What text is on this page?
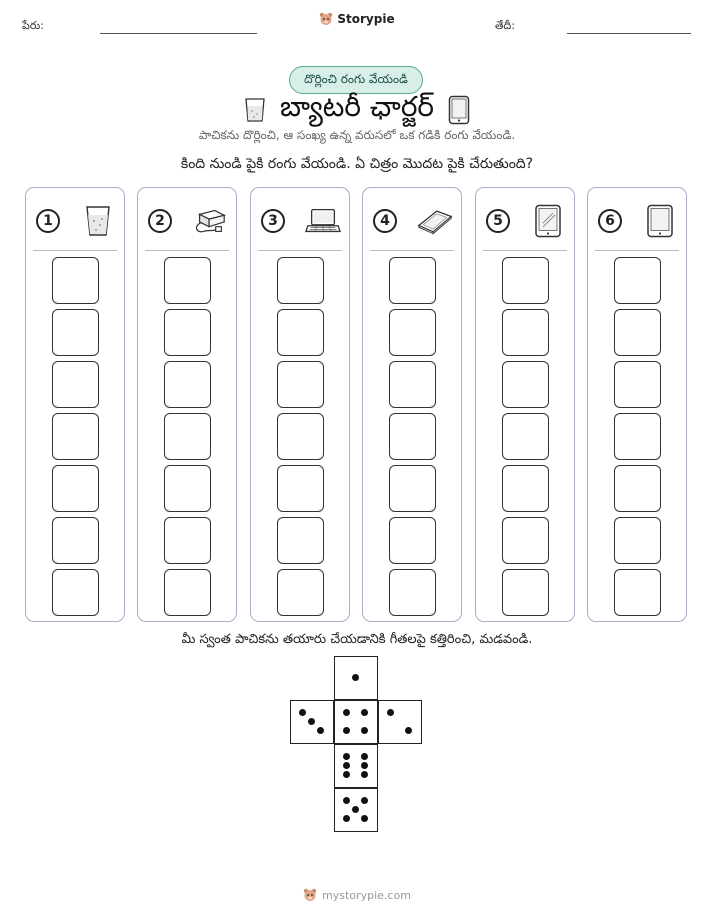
పేరు:	Storypie	తేదీ:
దొర్లించి రంగు వేయండి
బ్యాటరీ ఛార్జర్
పాచికను దొర్లించి, ఆ సంఖ్య ఉన్న వరుసలో ఒక గడికి రంగు వేయండి.
కింది నుండి పైకి రంగు వేయండి. ఏ చిత్రం మొదట పైకి చేరుతుంది?
1	2	3	4	5	6
మీ స్వంత పాచికను తయారు చేయడానికి గీతలపై కత్తిరించి, మడవండి.
mystorypie.com
